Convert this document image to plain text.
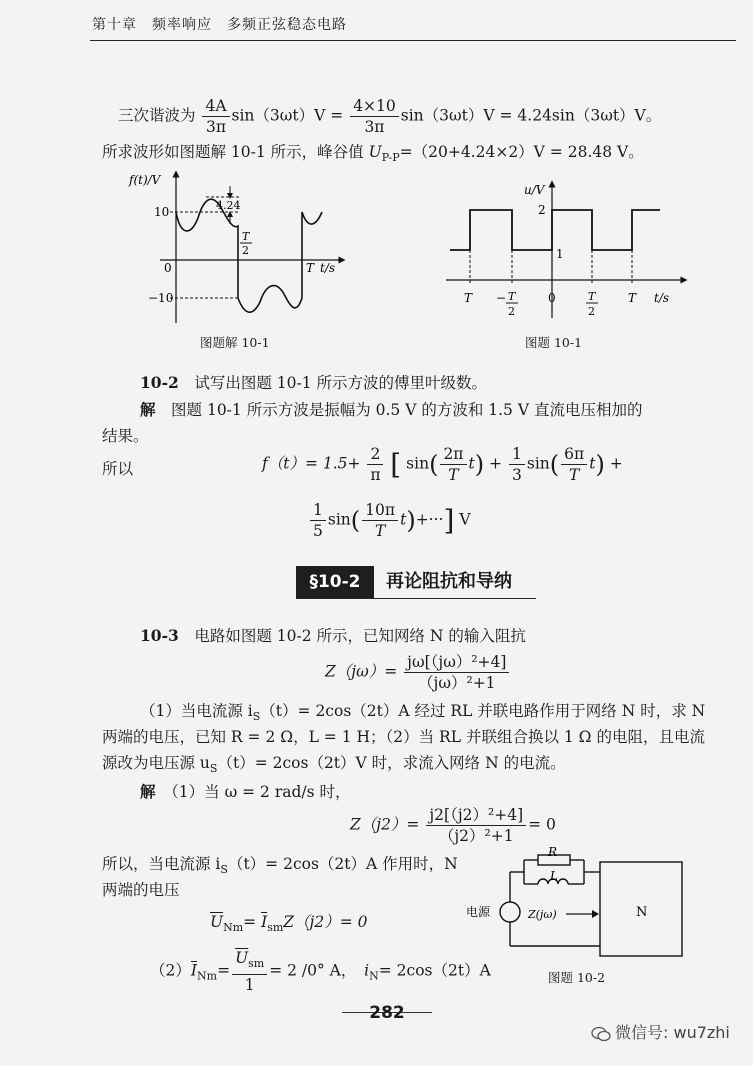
第十章　频率响应　多频正弦稳态电路
三次谐波为 $\frac{4A}{3\pi} \sin(3\omega t)V = \frac{4\times 10}{3\pi} \sin(3\omega t)V = 4.24\sin(3\omega t)V$。
所求波形如图题解 10-1 所示，峰谷值 $U_{P-P}=(20+4.24\times 2)V = 28.48$ V。
f(t)/V
4.24
10
−10
0
T
2
T t/s
图题解 10-1
u/V
2
1
0
T − T
2
T
2
T t/s
图题 10-1
10-2　 试写出图题 10-1 所示方波的傅里叶级数。
解　 图题 10-1 所示方波是振幅为 0.5 V 的方波和 1.5 V 直流电压相加的
结果。
所以	$f(t)= 1.5+ \frac{2}{\pi}$ [ $\sin( \frac{2\pi}{T} t) + \frac{1}{3} \sin( \frac{6\pi}{T} t)$ +
$\frac{1}{5} \sin( \frac{10\pi}{T} t)+\cdot\cdot\cdot$] V
§10-2	再论阻抗和导纳
10-3　 电路如图题 10-2 所示，已知网络 N 的输入阻抗
$Z(j\omega)= \frac{\text{jω[（jω）²+4]}}{\text{（jω）²+1}}$
（1）当电流源 $i_S(t)= 2\cos(2t)A$ 经过 RL 并联电路作用于网络 N 时，求 N
两端的电压，已知 R = 2 Ω，L = 1 H；（2）当 RL 并联组合换以 1 Ω 的电阻，且电流
源改为电压源 $u_S(t)= 2\cos(2t)V$ 时，求流入网络 N 的电流。
解　 （1）当 ω = 2 rad/s 时，
$Z(j2)= \frac{\text{j2[（j2）²+4]}}{\text{（j2）²+1}} = 0$
所以，当电流源 $i_S(t)= 2\cos(2t)A$ 作用时，N
两端的电压
$\overline{U}_{Nm}= \overline{I}_{sm}Z(j2)= 0$
$(2)\overline{I}_{Nm}= \frac{\overline{U}_{sm}}{1} = 2$ /0° A，　 $i_N= 2\cos(2t)A$
R
L
电源	Z(jω)	N
图题 10-2
282
微信号: wu7zhi
